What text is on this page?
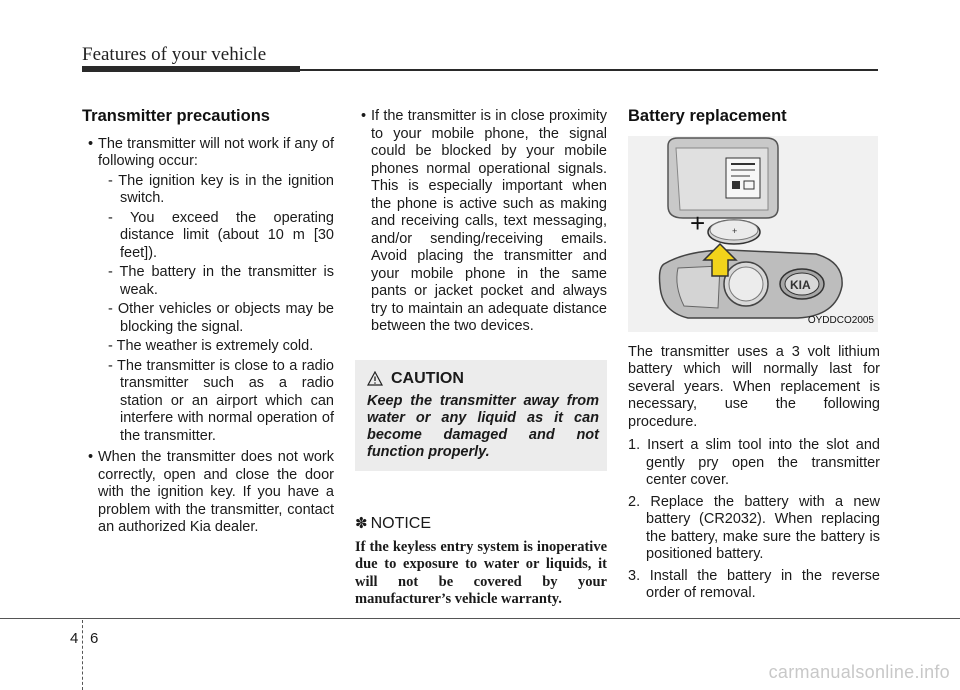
Features of your vehicle
Transmitter precautions
• The transmitter will not work if any of following occur:
- The ignition key is in the ignition switch.
- You exceed the operating distance limit (about 10 m [30 feet]).
- The battery in the transmitter is weak.
- Other vehicles or objects may be blocking the signal.
- The weather is extremely cold.
- The transmitter is close to a radio transmitter such as a radio station or an airport which can interfere with normal operation of the transmitter.
• When the transmitter does not work correctly, open and close the door with the ignition key. If you have a problem with the transmitter, contact an authorized Kia dealer.
• If the transmitter is in close proximity to your mobile phone, the signal could be blocked by your mobile phones normal operational signals. This is especially important when the phone is active such as making and receiving calls, text messaging, and/or sending/receiving emails. Avoid placing the transmitter and your mobile phone in the same pants or jacket pocket and always try to maintain an adequate distance between the two devices.
CAUTION
Keep the transmitter away from water or any liquid as it can become damaged and not function properly.
✽ NOTICE
If the keyless entry system is inoperative due to exposure to water or liquids, it will not be covered by your manufacturer’s vehicle warranty.
Battery replacement
+
+
KIA
OYDDCO2005
The transmitter uses a 3 volt lithium battery which will normally last for several years. When replacement is necessary, use the following procedure.
1. Insert a slim tool into the slot and gently pry open the transmitter center cover.
2. Replace the battery with a new battery (CR2032). When replacing the battery, make sure the battery is positioned battery.
3. Install the battery in the reverse order of removal.
4 6
carmanualsonline.info
